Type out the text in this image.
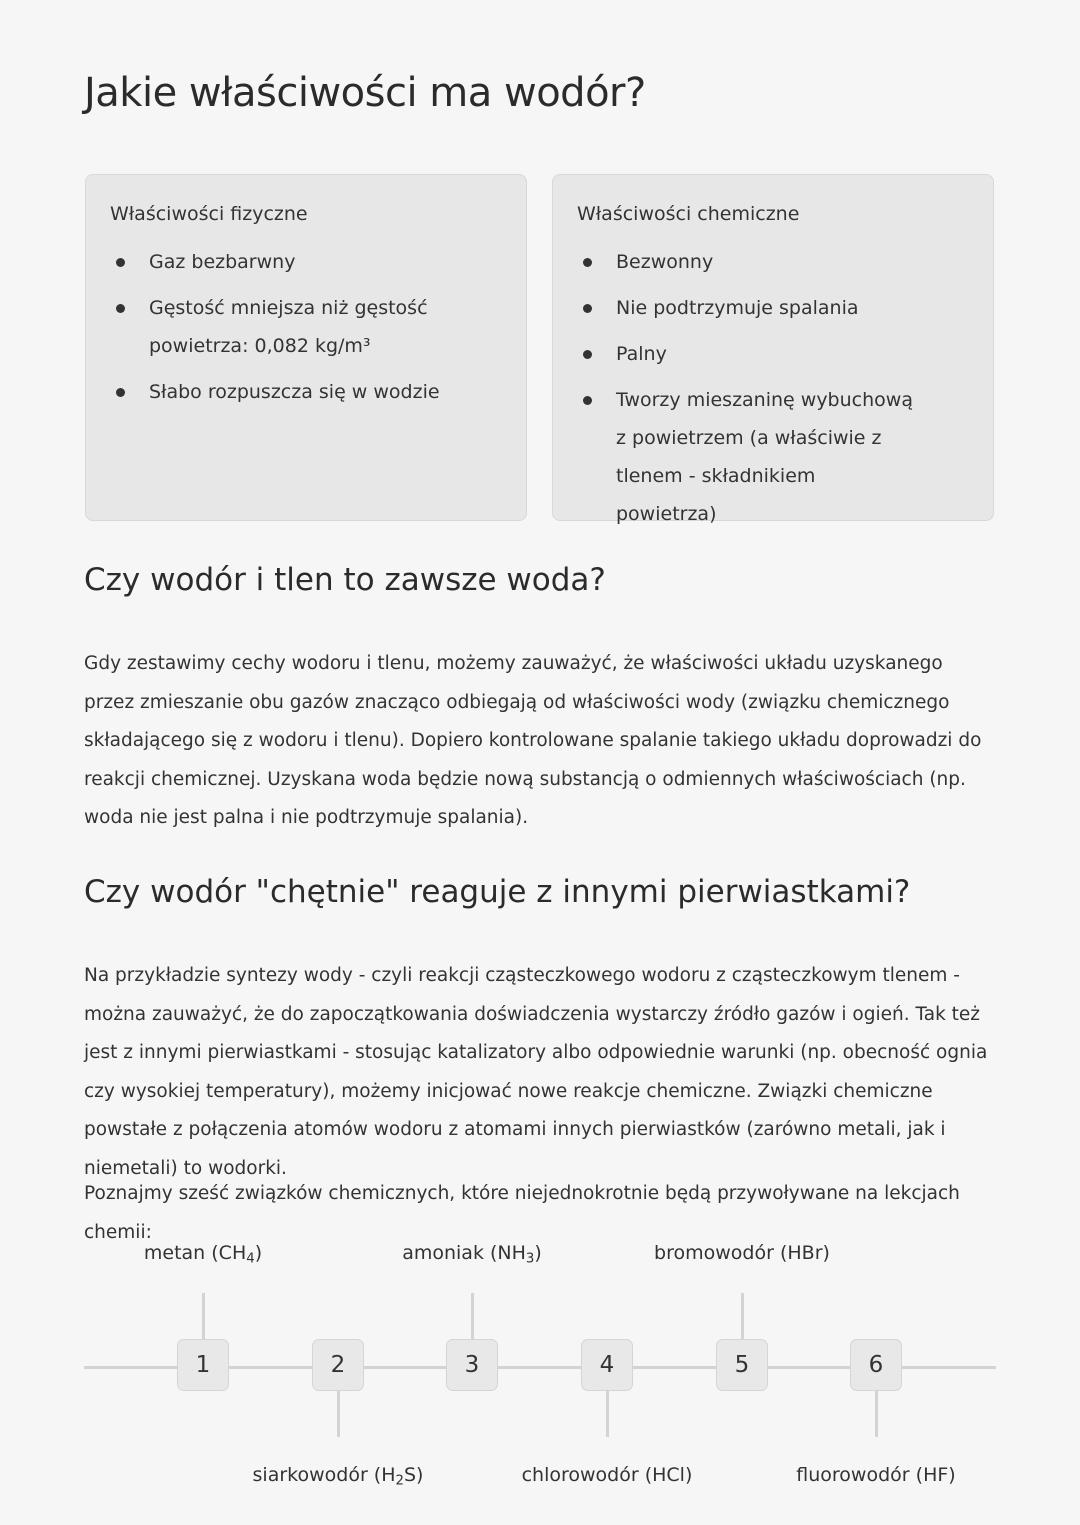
Jakie właściwości ma wodór?
Właściwości fizyczne
Gaz bezbarwny
Gęstość mniejsza niż gęstość powietrza: 0,082 kg/m³
Słabo rozpuszcza się w wodzie
Właściwości chemiczne
Bezwonny
Nie podtrzymuje spalania
Palny
Tworzy mieszaninę wybuchową z powietrzem (a właściwie z tlenem - składnikiem powietrza)
Czy wodór i tlen to zawsze woda?

Gdy zestawimy cechy wodoru i tlenu, możemy zauważyć, że właściwości układu uzyskanego przez zmieszanie obu gazów znacząco odbiegają od właściwości wody (związku chemicznego składającego się z wodoru i tlenu). Dopiero kontrolowane spalanie takiego układu doprowadzi do reakcji chemicznej. Uzyskana woda będzie nową substancją o odmiennych właściwościach (np. woda nie jest palna i nie podtrzymuje spalania).

Czy wodór "chętnie" reaguje z innymi pierwiastkami?

Na przykładzie syntezy wody - czyli reakcji cząsteczkowego wodoru z cząsteczkowym tlenem - można zauważyć, że do zapoczątkowania doświadczenia wystarczy źródło gazów i ogień. Tak też jest z innymi pierwiastkami - stosując katalizatory albo odpowiednie warunki (np. obecność ognia czy wysokiej temperatury), możemy inicjować nowe reakcje chemiczne. Związki chemiczne powstałe z połączenia atomów wodoru z atomami innych pierwiastków (zarówno metali, jak i niemetali) to wodorki.

Poznajmy sześć związków chemicznych, które niejednokrotnie będą przywoływane na lekcjach chemii:

metan $(CH_4)$
1	2
siarkowodór $(H_2S)$
amoniak $(NH_3)$
3	4
chlorowodór (HCl)
bromowodór (HBr)
5	6
fluorowodór (HF)
